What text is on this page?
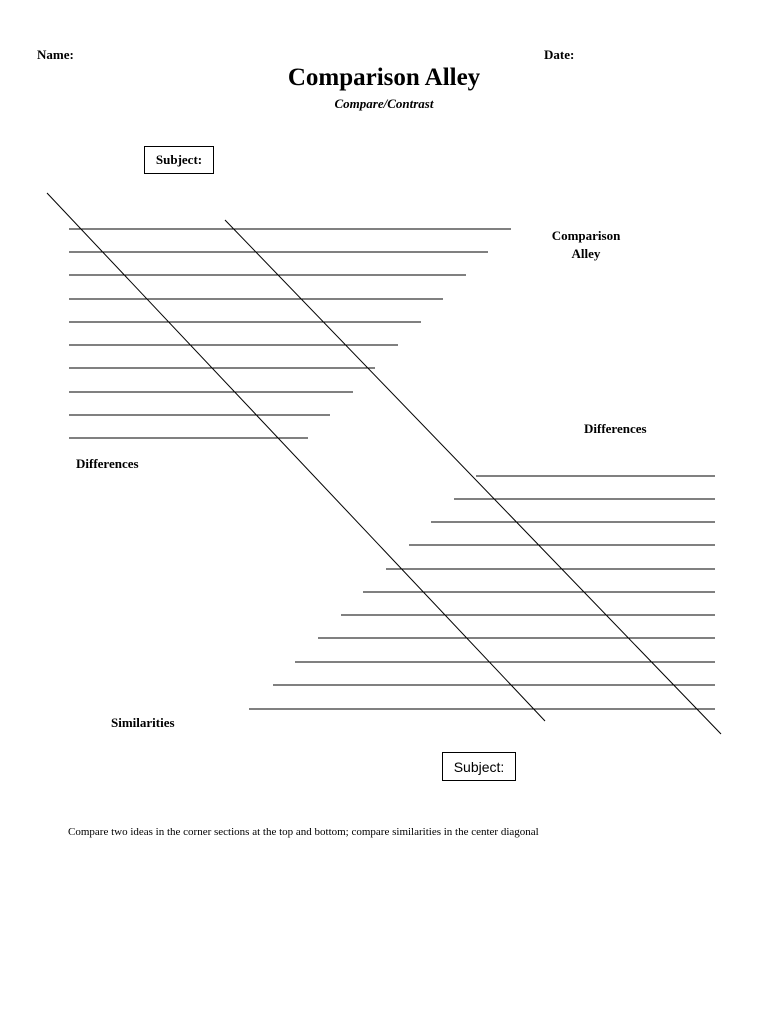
Name:	Date:
Comparison Alley
Compare/Contrast
Subject:
Comparison
Alley
Differences
Differences
Similarities
Subject:
Compare two ideas in the corner sections at the top and bottom; compare similarities in the center diagonal
